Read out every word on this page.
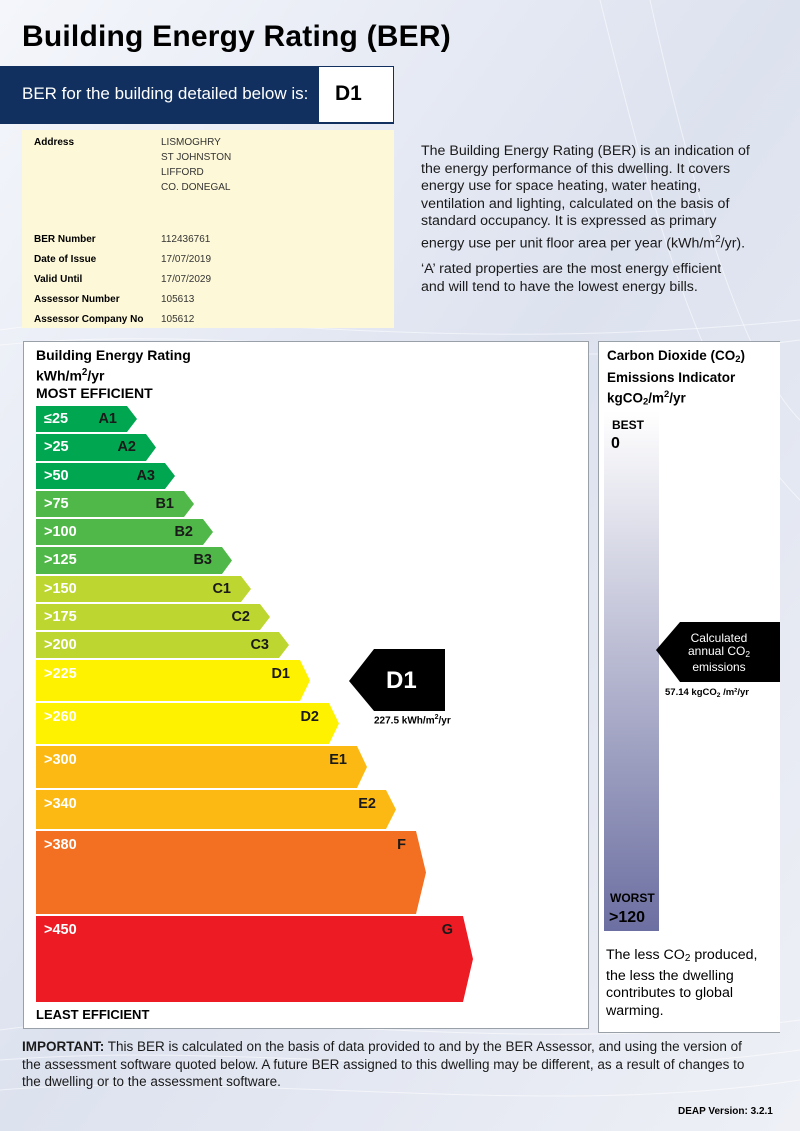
Building Energy Rating (BER)
BER for the building detailed below is: D1
Address	LISMOGHRY
ST JOHNSTON
LIFFORD
CO. DONEGAL
BER Number	112436761
Date of Issue	17/07/2019
Valid Until	17/07/2029
Assessor Number	105613
Assessor Company No 105612
The Building Energy Rating (BER) is an indication of
the energy performance of this dwelling. It covers
energy use for space heating, water heating,
ventilation and lighting, calculated on the basis of
standard occupancy. It is expressed as primary
energy use per unit floor area per year $(kWh/m^2/yr)$.
‘A’ rated properties are the most energy efficient
and will tend to have the lowest energy bills.
Building Energy Rating
kWh/$m^2/yr$
MOST EFFICIENT
≤25	A1
>25	A2
>50	A3
>75	B1
>100	B2
>125	B3
>150	C1
>175	C2
>200	C3
>225	D1
>260	D2
>300	E1
>340	E2
>380	F
>450	G
D1
227.5 kWh/$m^2/yr$
LEAST EFFICIENT
Carbon Dioxide $(CO_2)$
Emissions Indicator
$kgCO_2/m^2/yr$
BEST
0
WORST
>120
Calculated
annual $CO_2$
emissions
57.14 kgCO$_2$ /m²/yr
The less $CO_2$ produced, the less the dwelling contributes to global warming.
IMPORTANT: This BER is calculated on the basis of data provided to and by the BER Assessor, and using the version of the assessment software quoted below. A future BER assigned to this dwelling may be different, as a result of changes to the dwelling or to the assessment software.
DEAP Version: 3.2.1
